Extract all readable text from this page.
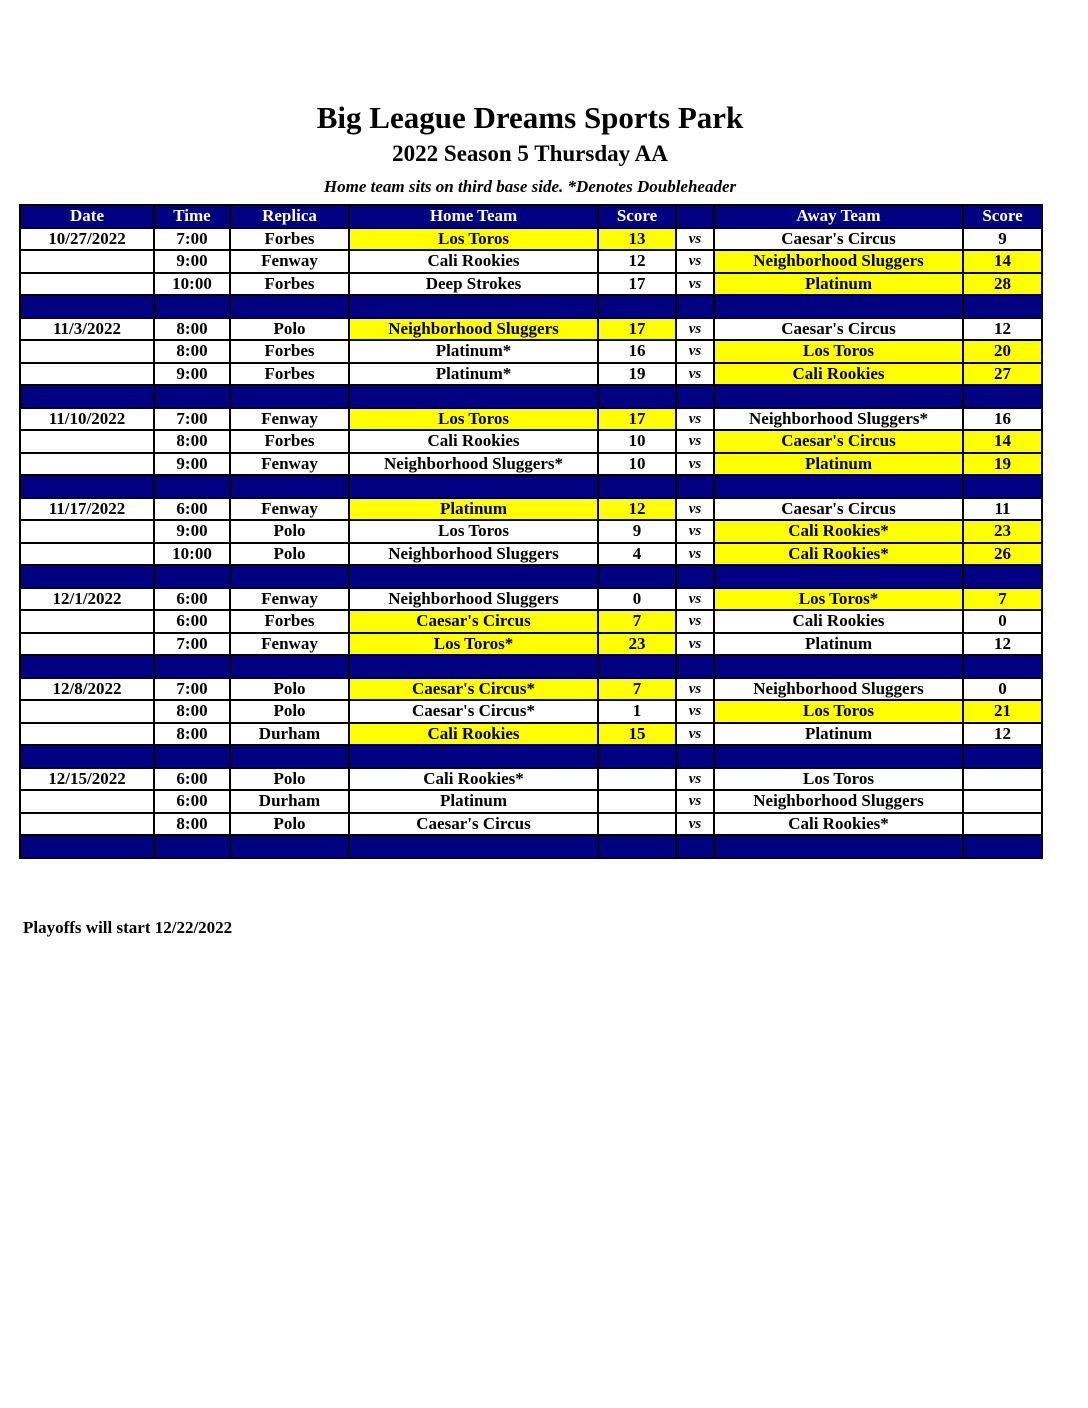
Big League Dreams Sports Park
2022 Season 5 Thursday AA
Home team sits on third base side. *Denotes Doubleheader
Date	Time	Replica	Home Team	Score		Away Team	Score
10/27/2022	7:00	Forbes	Los Toros	13	vs	Caesar's Circus	9
	9:00	Fenway	Cali Rookies	12	vs	Neighborhood Sluggers	14
	10:00	Forbes	Deep Strokes	17	vs	Platinum	28

11/3/2022	8:00	Polo	Neighborhood Sluggers	17	vs	Caesar's Circus	12
	8:00	Forbes	Platinum*	16	vs	Los Toros	20
	9:00	Forbes	Platinum*	19	vs	Cali Rookies	27

11/10/2022	7:00	Fenway	Los Toros	17	vs	Neighborhood Sluggers*	16
	8:00	Forbes	Cali Rookies	10	vs	Caesar's Circus	14
	9:00	Fenway	Neighborhood Sluggers*	10	vs	Platinum	19

11/17/2022	6:00	Fenway	Platinum	12	vs	Caesar's Circus	11
	9:00	Polo	Los Toros	9	vs	Cali Rookies*	23
	10:00	Polo	Neighborhood Sluggers	4	vs	Cali Rookies*	26

12/1/2022	6:00	Fenway	Neighborhood Sluggers	0	vs	Los Toros*	7
	6:00	Forbes	Caesar's Circus	7	vs	Cali Rookies	0
	7:00	Fenway	Los Toros*	23	vs	Platinum	12

12/8/2022	7:00	Polo	Caesar's Circus*	7	vs	Neighborhood Sluggers	0
	8:00	Polo	Caesar's Circus*	1	vs	Los Toros	21
	8:00	Durham	Cali Rookies	15	vs	Platinum	12

12/15/2022	6:00	Polo	Cali Rookies*		vs	Los Toros	
	6:00	Durham	Platinum		vs	Neighborhood Sluggers	
	8:00	Polo	Caesar's Circus		vs	Cali Rookies*	

Playoffs will start 12/22/2022
